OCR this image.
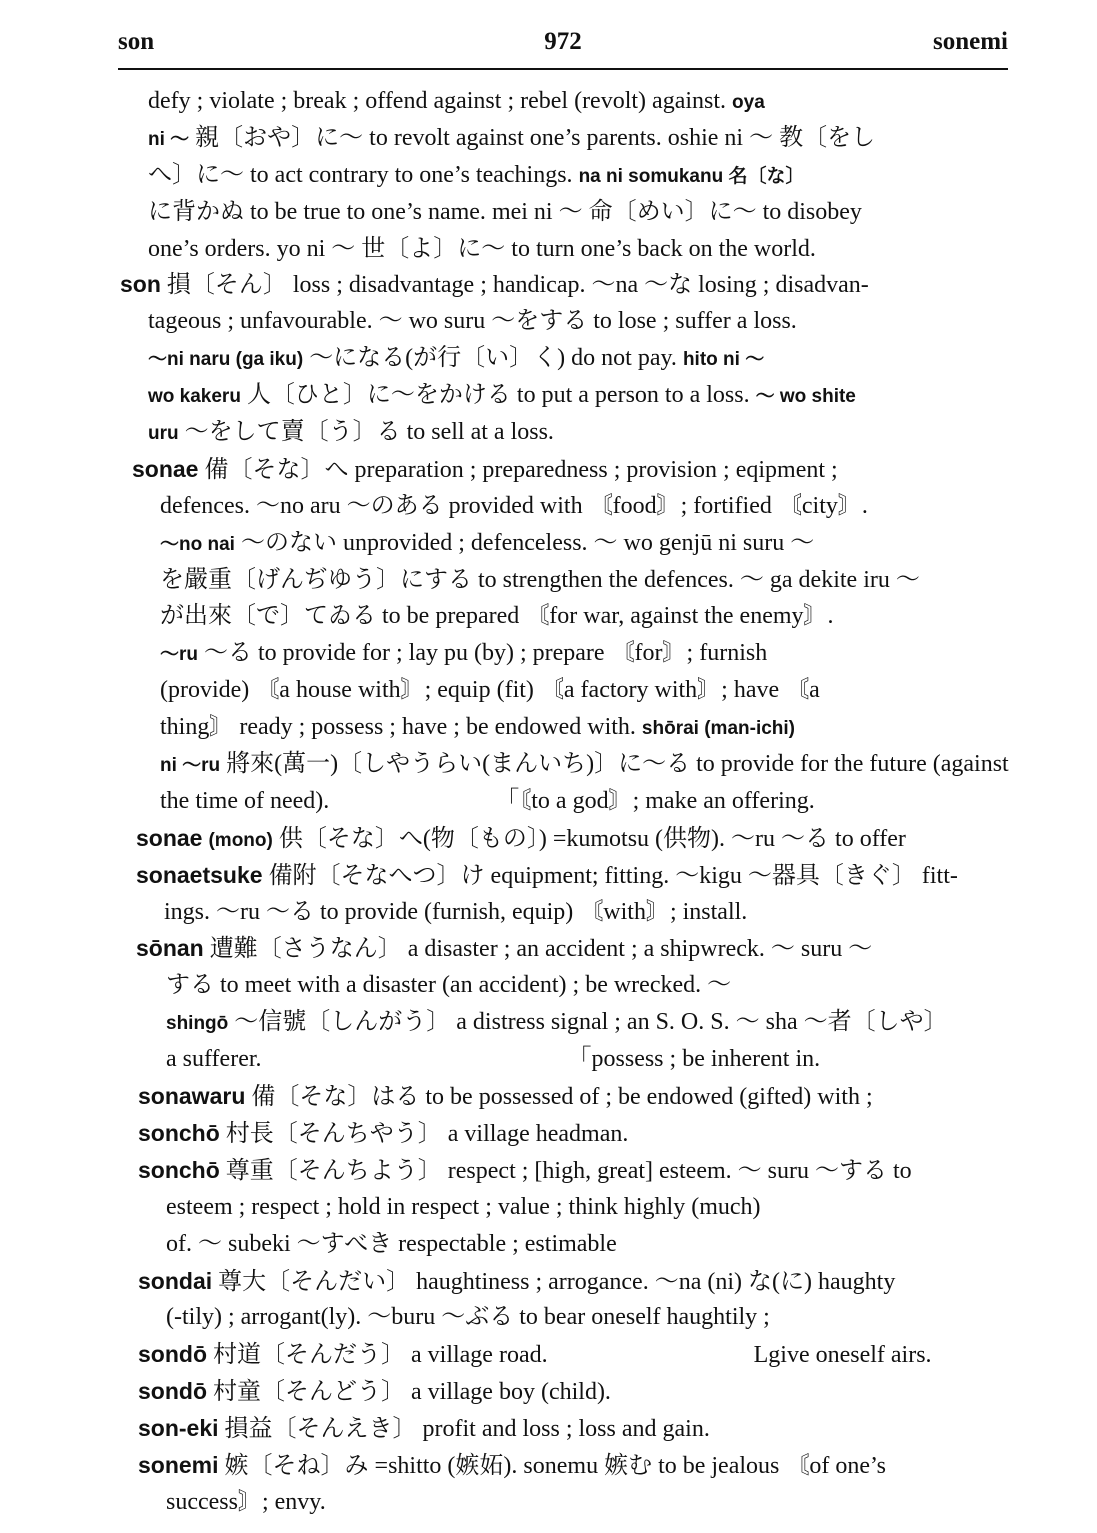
son	972	sonemi
defy ; violate ; break ; offend against ; rebel (revolt) against. oya
ni ～ 親〔おや〕に～ to revolt against one’s parents. oshie ni ～ 教〔をし
へ〕に～ to act contrary to one’s teachings. na ni somukanu 名〔な〕
に背かぬ to be true to one’s name. mei ni ～ 命〔めい〕に～ to disobey
one’s orders. yo ni ～ 世〔よ〕に～ to turn one’s back on the world.
son 損〔そん〕 loss ; disadvantage ; handicap. ～na ～な losing ; disadvan-
tageous ; unfavourable. ～ wo suru ～をする to lose ; suffer a loss.
～ni naru (ga iku) ～になる(が行〔い〕く) do not pay. hito ni ～
wo kakeru 人〔ひと〕に～をかける to put a person to a loss. ～ wo shite
uru ～をして賣〔う〕る to sell at a loss.
sonae 備〔そな〕へ preparation ; preparedness ; provision ; eqipment ;
defences. ～no aru ～のある provided with 〘food〙; fortified 〘city〙.
～no nai ～のない unprovided ; defenceless. ～ wo genjū ni suru ～
を嚴重〔げんぢゆう〕にする to strengthen the defences. ～ ga dekite iru ～
が出來〔で〕てゐる to be prepared 〘for war, against the enemy〙.
～ru ～る to provide for ; lay pu (by) ; prepare 〘for〙; furnish
(provide) 〘a house with〙; equip (fit) 〘a factory with〙; have 〘a
thing〙 ready ; possess ; have ; be endowed with. shōrai (man-ichi)
ni ～ru 將來(萬一)〔しやうらい(まんいち)〕に～る to provide for the future (against
the time of need).	「〘to a god〙; make an offering.
sonae (mono) 供〔そな〕へ(物〔もの〕) =kumotsu (供物). ～ru ～る to offer
sonaetsuke 備附〔そなへつ〕け equipment; fitting. ～kigu ～器具〔きぐ〕 fitt-
ings. ～ru ～る to provide (furnish, equip) 〘with〙; install.
sōnan 遭難〔さうなん〕 a disaster ; an accident ; a shipwreck. ～ suru ～
する to meet with a disaster (an accident) ; be wrecked. ～
shingō ～信號〔しんがう〕 a distress signal ; an S. O. S. ～ sha ～者〔しや〕
a sufferer.	「possess ; be inherent in.
sonawaru 備〔そな〕はる to be possessed of ; be endowed (gifted) with ;
sonchō 村長〔そんちやう〕 a village headman.
sonchō 尊重〔そんちよう〕 respect ; [high, great] esteem. ～ suru ～する to
esteem ; respect ; hold in respect ; value ; think highly (much)
of. ～ subeki ～すべき respectable ; estimable
sondai 尊大〔そんだい〕 haughtiness ; arrogance. ～na (ni) な(に) haughty
(-tily) ; arrogant(ly). ～buru ～ぶる to bear oneself haughtily ;
sondō 村道〔そんだう〕 a village road.	Lgive oneself airs.
sondō 村童〔そんどう〕 a village boy (child).
son-eki 損益〔そんえき〕 profit and loss ; loss and gain.
sonemi 嫉〔そね〕み =shitto (嫉妬). sonemu 嫉む to be jealous 〘of one’s
success〙; envy.
